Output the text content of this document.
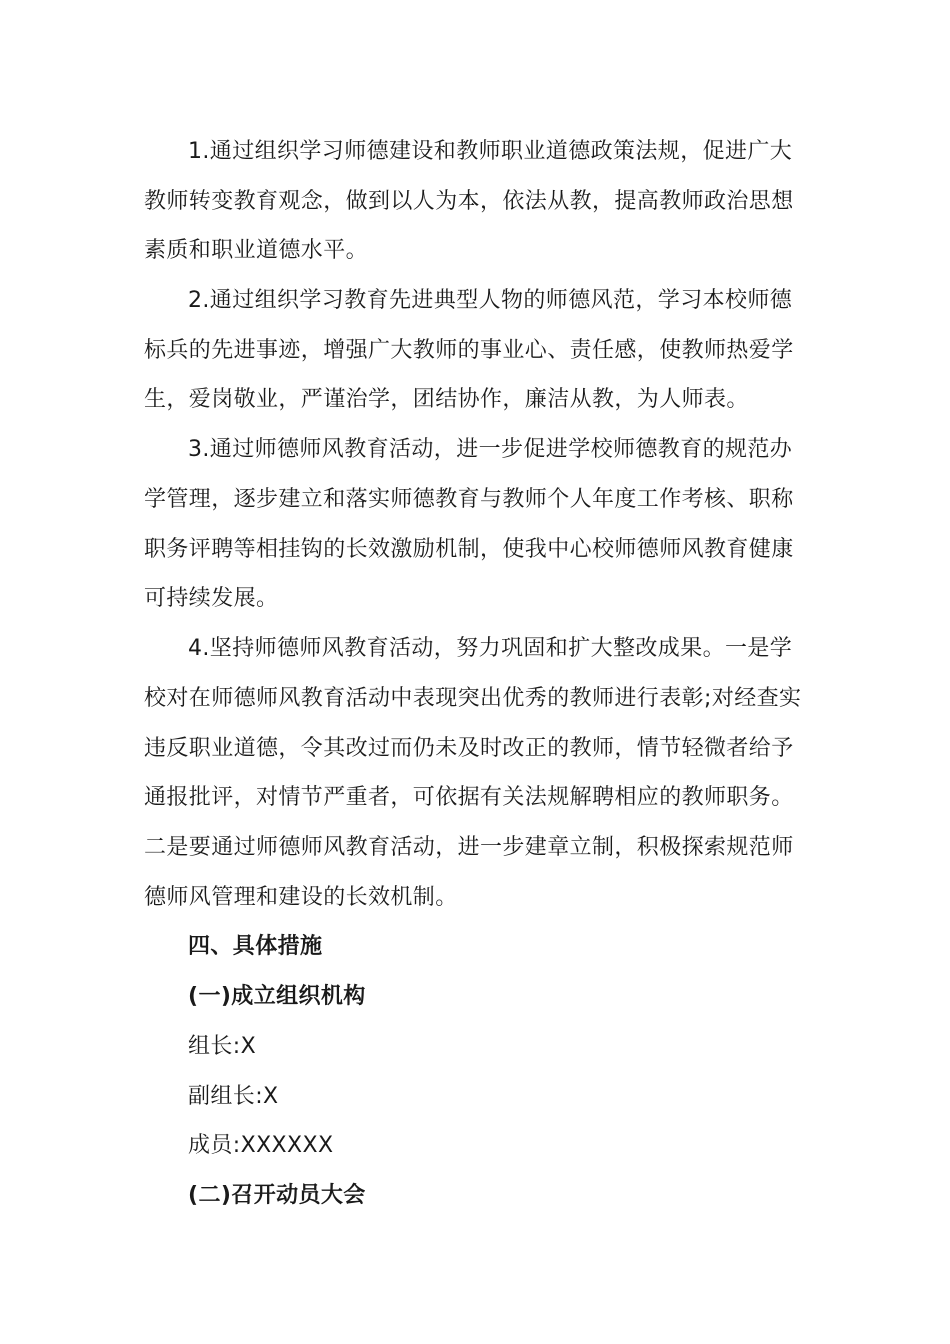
1.通过组织学习师德建设和教师职业道德政策法规，促进广大
教师转变教育观念，做到以人为本，依法从教，提高教师政治思想
素质和职业道德水平。
2.通过组织学习教育先进典型人物的师德风范，学习本校师德
标兵的先进事迹，增强广大教师的事业心、责任感，使教师热爱学
生，爱岗敬业，严谨治学，团结协作，廉洁从教，为人师表。
3.通过师德师风教育活动，进一步促进学校师德教育的规范办
学管理，逐步建立和落实师德教育与教师个人年度工作考核、职称
职务评聘等相挂钩的长效激励机制，使我中心校师德师风教育健康
可持续发展。
4.坚持师德师风教育活动，努力巩固和扩大整改成果。一是学
校对在师德师风教育活动中表现突出优秀的教师进行表彰;对经查实
违反职业道德，令其改过而仍未及时改正的教师，情节轻微者给予
通报批评，对情节严重者，可依据有关法规解聘相应的教师职务。
二是要通过师德师风教育活动，进一步建章立制，积极探索规范师
德师风管理和建设的长效机制。
四、具体措施
(一)成立组织机构
组长:X
副组长:X
成员:XXXXXX
(二)召开动员大会
